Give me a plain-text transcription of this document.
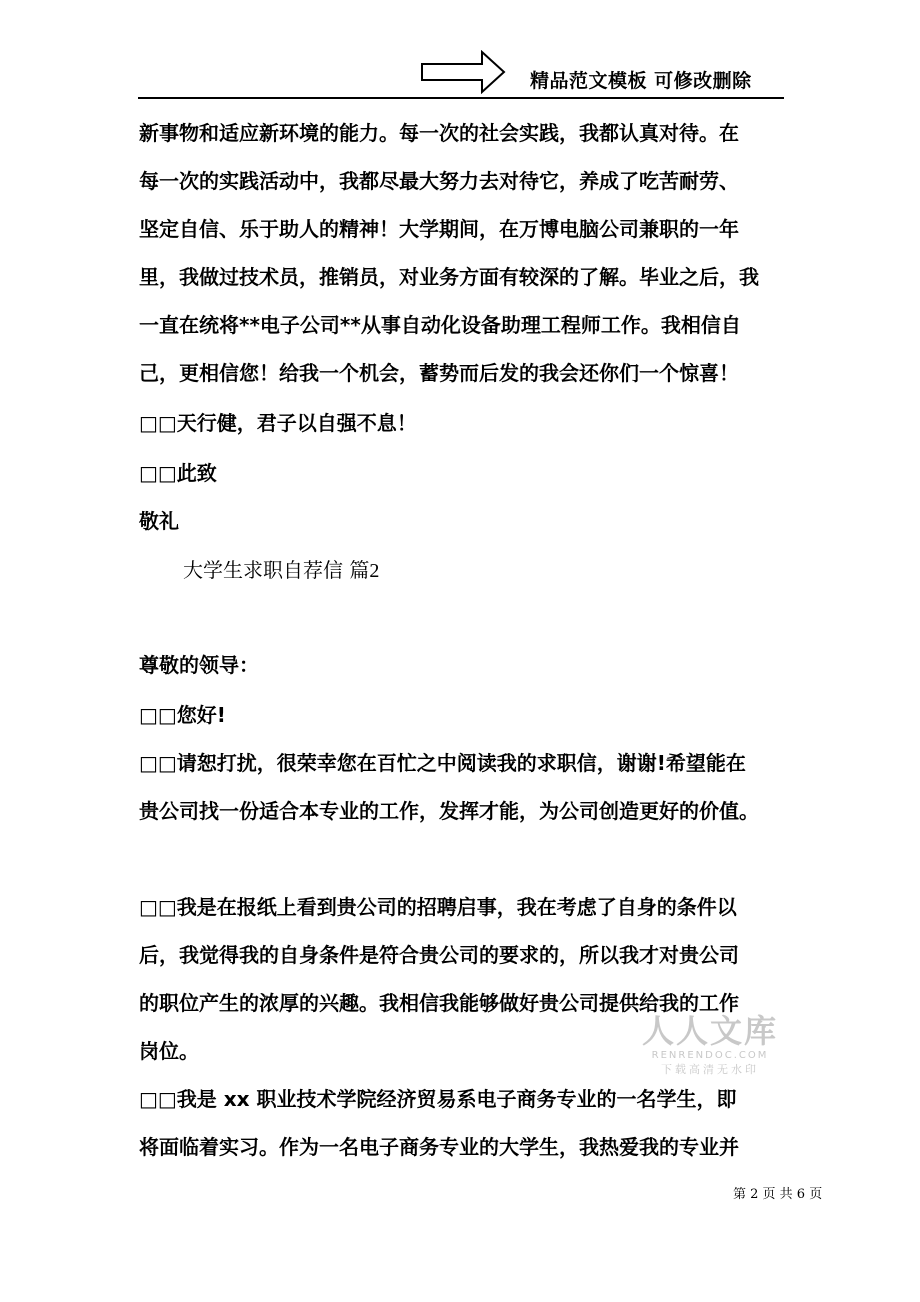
精品范文模板 可修改删除
新事物和适应新环境的能力。每一次的社会实践，我都认真对待。在
每一次的实践活动中，我都尽最大努力去对待它，养成了吃苦耐劳、
坚定自信、乐于助人的精神！大学期间，在万博电脑公司兼职的一年
里，我做过技术员，推销员，对业务方面有较深的了解。毕业之后，我
一直在统将**电子公司**从事自动化设备助理工程师工作。我相信自
己，更相信您！给我一个机会，蓄势而后发的我会还你们一个惊喜！
□□天行健，君子以自强不息！
□□此致
敬礼
大学生求职自荐信 篇2
尊敬的领导：
□□您好!
□□请恕打扰，很荣幸您在百忙之中阅读我的求职信，谢谢!希望能在
贵公司找一份适合本专业的工作，发挥才能，为公司创造更好的价值。
□□我是在报纸上看到贵公司的招聘启事，我在考虑了自身的条件以
后，我觉得我的自身条件是符合贵公司的要求的，所以我才对贵公司
的职位产生的浓厚的兴趣。我相信我能够做好贵公司提供给我的工作
岗位。
□□我是 xx 职业技术学院经济贸易系电子商务专业的一名学生，即
将面临着实习。作为一名电子商务专业的大学生，我热爱我的专业并
人人文库
RENRENDOC.COM
下载高清无水印
第 2 页 共 6 页
